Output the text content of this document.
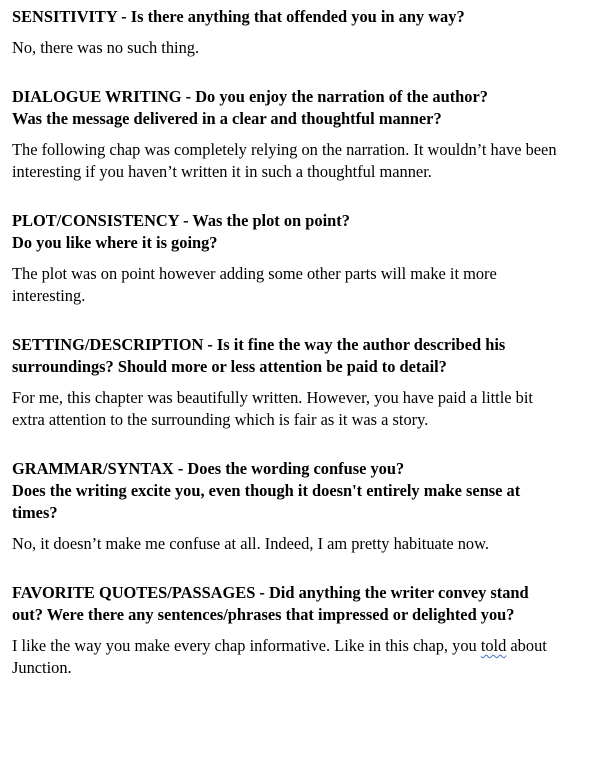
SENSITIVITY - Is there anything that offended you in any way?

No, there was no such thing.

DIALOGUE WRITING - Do you enjoy the narration of the author?
Was the message delivered in a clear and thoughtful manner?

The following chap was completely relying on the narration. It wouldn’t have been
interesting if you haven’t written it in such a thoughtful manner.

PLOT/CONSISTENCY - Was the plot on point?
Do you like where it is going?

The plot was on point however adding some other parts will make it more
interesting.

SETTING/DESCRIPTION - Is it fine the way the author described his
surroundings? Should more or less attention be paid to detail?

For me, this chapter was beautifully written. However, you have paid a little bit
extra attention to the surrounding which is fair as it was a story.

GRAMMAR/SYNTAX - Does the wording confuse you?
Does the writing excite you, even though it doesn't entirely make sense at
times?

No, it doesn’t make me confuse at all. Indeed, I am pretty habituate now.

FAVORITE QUOTES/PASSAGES - Did anything the writer convey stand
out? Were there any sentences/phrases that impressed or delighted you?

I like the way you make every chap informative. Like in this chap, you told about
Junction.
